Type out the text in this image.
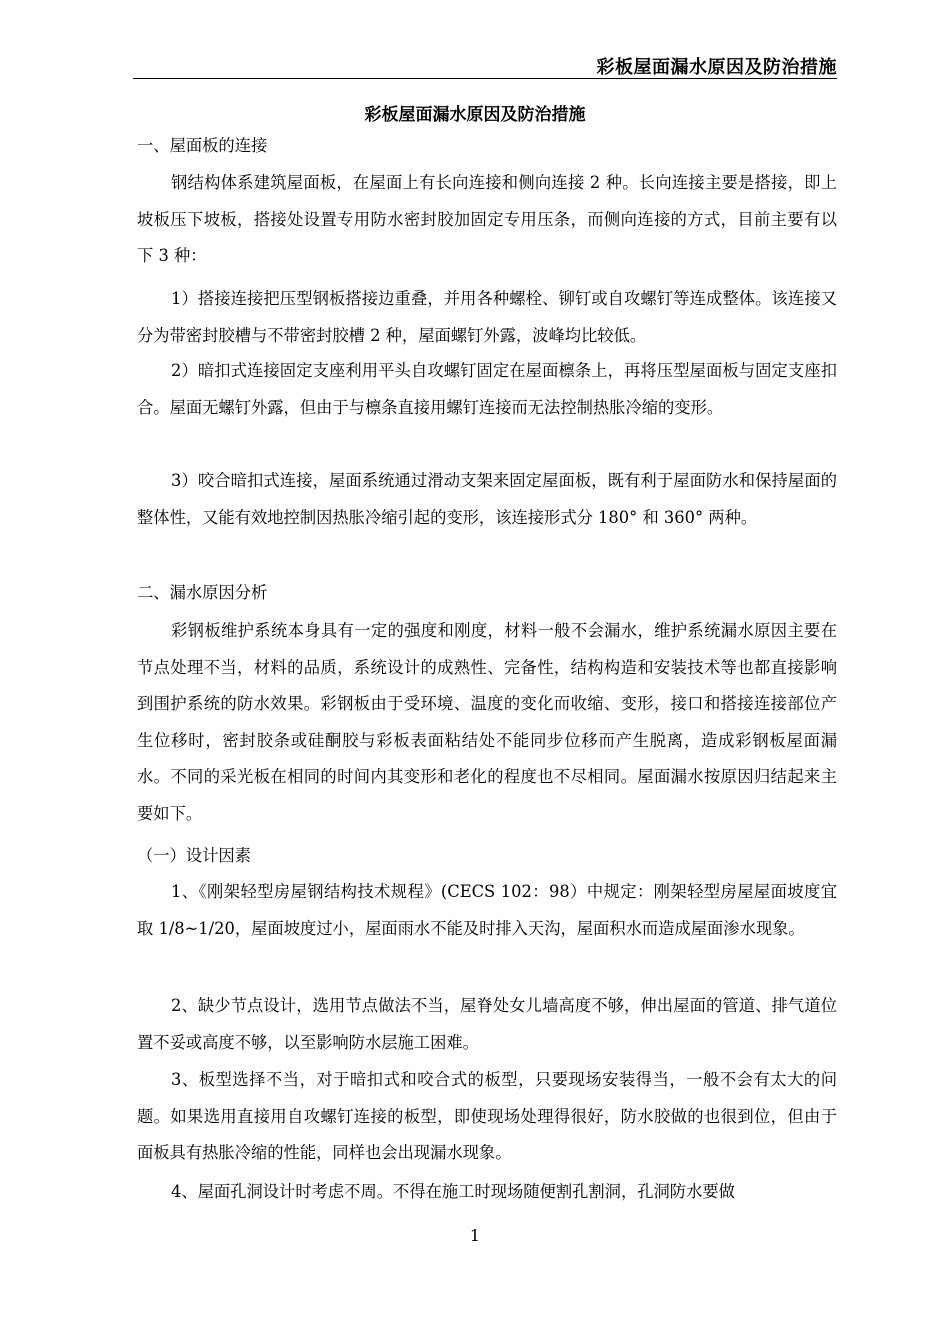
彩板屋面漏水原因及防治措施
彩板屋面漏水原因及防治措施
一、屋面板的连接
钢结构体系建筑屋面板，在屋面上有长向连接和侧向连接 2 种。长向连接主要是搭接，即上坡板压下坡板，搭接处设置专用防水密封胶加固定专用压条，而侧向连接的方式，目前主要有以下 3 种：
1）搭接连接把压型钢板搭接边重叠，并用各种螺栓、铆钉或自攻螺钉等连成整体。该连接又分为带密封胶槽与不带密封胶槽 2 种，屋面螺钉外露，波峰均比较低。
2）暗扣式连接固定支座利用平头自攻螺钉固定在屋面檩条上，再将压型屋面板与固定支座扣合。屋面无螺钉外露，但由于与檩条直接用螺钉连接而无法控制热胀冷缩的变形。
3）咬合暗扣式连接，屋面系统通过滑动支架来固定屋面板，既有利于屋面防水和保持屋面的整体性，又能有效地控制因热胀冷缩引起的变形，该连接形式分 180° 和 360° 两种。
二、漏水原因分析
彩钢板维护系统本身具有一定的强度和刚度，材料一般不会漏水，维护系统漏水原因主要在节点处理不当，材料的品质，系统设计的成熟性、完备性，结构构造和安装技术等也都直接影响到围护系统的防水效果。彩钢板由于受环境、温度的变化而收缩、变形，接口和搭接连接部位产生位移时，密封胶条或硅酮胶与彩板表面粘结处不能同步位移而产生脱离，造成彩钢板屋面漏水。不同的采光板在相同的时间内其变形和老化的程度也不尽相同。屋面漏水按原因归结起来主要如下。
（一）设计因素
1、《刚架轻型房屋钢结构技术规程》(CECS 102：98）中规定：刚架轻型房屋屋面坡度宜取 1/8~1/20，屋面坡度过小，屋面雨水不能及时排入天沟，屋面积水而造成屋面渗水现象。
2、缺少节点设计，选用节点做法不当，屋脊处女儿墙高度不够，伸出屋面的管道、排气道位置不妥或高度不够，以至影响防水层施工困难。
3、板型选择不当，对于暗扣式和咬合式的板型，只要现场安装得当，一般不会有太大的问题。如果选用直接用自攻螺钉连接的板型，即使现场处理得很好，防水胶做的也很到位，但由于面板具有热胀冷缩的性能，同样也会出现漏水现象。
4、屋面孔洞设计时考虑不周。不得在施工时现场随便割孔割洞，孔洞防水要做
1
